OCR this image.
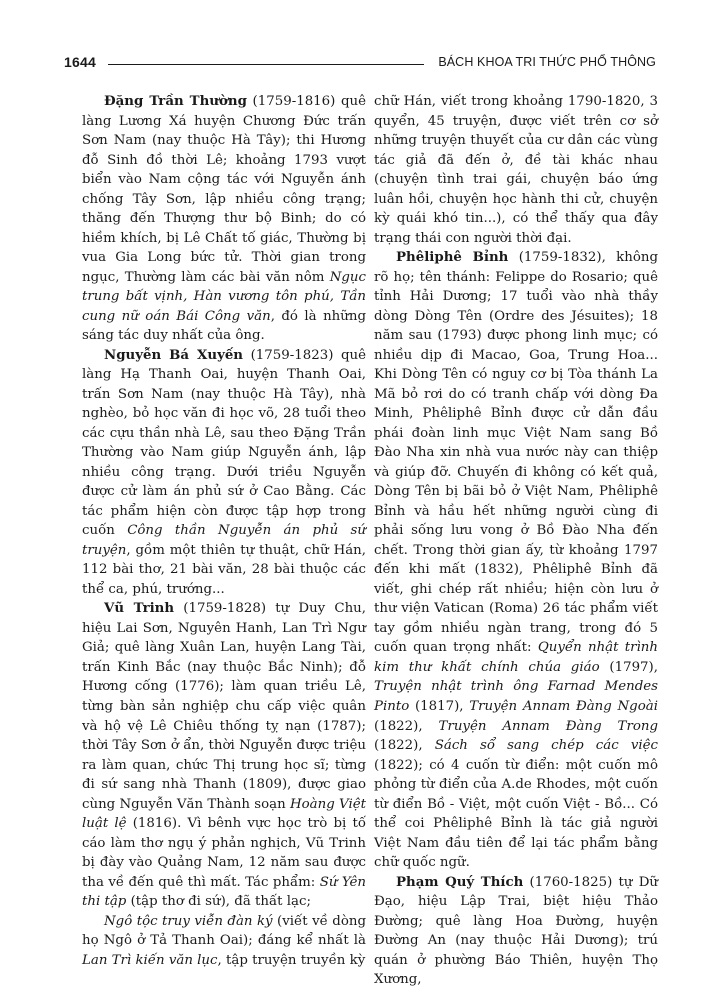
1644	BÁCH KHOA TRI THỨC PHỔ THÔNG

Đặng Trần Thường (1759-1816) quê làng Lương Xá huyện Chương Đức trấn Sơn Nam (nay thuộc Hà Tây); thi Hương đỗ Sinh đồ thời Lê; khoảng 1793 vượt biển vào Nam cộng tác với Nguyễn ánh chống Tây Sơn, lập nhiều công trạng; thăng đến Thượng thư bộ Binh; do có hiềm khích, bị Lê Chất tố giác, Thường bị vua Gia Long bức tử. Thời gian trong ngục, Thường làm các bài văn nôm Ngục trung bất vịnh, Hàn vương tôn phú, Tần cung nữ oán Bái Công văn, đó là những sáng tác duy nhất của ông.

Nguyễn Bá Xuyến (1759-1823) quê làng Hạ Thanh Oai, huyện Thanh Oai, trấn Sơn Nam (nay thuộc Hà Tây), nhà nghèo, bỏ học văn đi học võ, 28 tuổi theo các cựu thần nhà Lê, sau theo Đặng Trần Thường vào Nam giúp Nguyễn ánh, lập nhiều công trạng. Dưới triều Nguyễn được cử làm án phủ sứ ở Cao Bằng. Các tác phẩm hiện còn được tập hợp trong cuốn Công thần Nguyễn án phủ sứ truyện, gồm một thiên tự thuật, chữ Hán, 112 bài thơ, 21 bài văn, 28 bài thuộc các thể ca, phú, trướng...

Vũ Trinh (1759-1828) tự Duy Chu, hiệu Lai Sơn, Nguyên Hanh, Lan Trì Ngư Giả; quê làng Xuân Lan, huyện Lang Tài, trấn Kinh Bắc (nay thuộc Bắc Ninh); đỗ Hương cống (1776); làm quan triều Lê, từng bàn sản nghiệp chu cấp việc quân và hộ vệ Lê Chiêu thống tỵ nạn (1787); thời Tây Sơn ở ẩn, thời Nguyễn được triệu ra làm quan, chức Thị trung học sĩ; từng đi sứ sang nhà Thanh (1809), được giao cùng Nguyễn Văn Thành soạn Hoàng Việt luật lệ (1816). Vì bênh vực học trò bị tố cáo làm thơ ngụ ý phản nghịch, Vũ Trinh bị đày vào Quảng Nam, 12 năm sau được tha về đến quê thì mất. Tác phẩm: Sứ Yên thi tập (tập thơ đi sứ), đã thất lạc;

Ngô tộc truy viễn đàn ký (viết về dòng họ Ngô ở Tả Thanh Oai); đáng kể nhất là Lan Trì kiến văn lục, tập truyện truyền kỳ

chữ Hán, viết trong khoảng 1790-1820, 3 quyển, 45 truyện, được viết trên cơ sở những truyện thuyết của cư dân các vùng tác giả đã đến ở, đề tài khác nhau (chuyện tình trai gái, chuyện báo ứng luân hồi, chuyện học hành thi cử, chuyện kỳ quái khó tin...), có thể thấy qua đây trạng thái con người thời đại.

Phêliphê Bỉnh (1759-1832), không rõ họ; tên thánh: Felippe do Rosario; quê tỉnh Hải Dương; 17 tuổi vào nhà thầy dòng Dòng Tên (Ordre des Jésuites); 18 năm sau (1793) được phong linh mục; có nhiều dịp đi Macao, Goa, Trung Hoa... Khi Dòng Tên có nguy cơ bị Tòa thánh La Mã bỏ rơi do có tranh chấp với dòng Đa Minh, Phêliphê Bỉnh được cử dẫn đầu phái đoàn linh mục Việt Nam sang Bồ Đào Nha xin nhà vua nước này can thiệp và giúp đỡ. Chuyến đi không có kết quả, Dòng Tên bị bãi bỏ ở Việt Nam, Phêliphê Bỉnh và hầu hết những người cùng đi phải sống lưu vong ở Bồ Đào Nha đến chết. Trong thời gian ấy, từ khoảng 1797 đến khi mất (1832), Phêliphê Bỉnh đã viết, ghi chép rất nhiều; hiện còn lưu ở thư viện Vatican (Roma) 26 tác phẩm viết tay gồm nhiều ngàn trang, trong đó 5 cuốn quan trọng nhất: Quyển nhật trình kim thư khất chính chúa giáo (1797), Truyện nhật trình ông Farnad Mendes Pinto (1817), Truyện Annam Đàng Ngoài (1822), Truyện Annam Đàng Trong (1822), Sách sổ sang chép các việc (1822); có 4 cuốn từ điển: một cuốn mô phỏng từ điển của A.de Rhodes, một cuốn từ điển Bồ - Việt, một cuốn Việt - Bồ... Có thể coi Phêliphê Bỉnh là tác giả người Việt Nam đầu tiên để lại tác phẩm bằng chữ quốc ngữ.

Phạm Quý Thích (1760-1825) tự Dữ Đạo, hiệu Lập Trai, biệt hiệu Thảo Đường; quê làng Hoa Đường, huyện Đường An (nay thuộc Hải Dương); trú quán ở phường Báo Thiên, huyện Thọ Xương,
